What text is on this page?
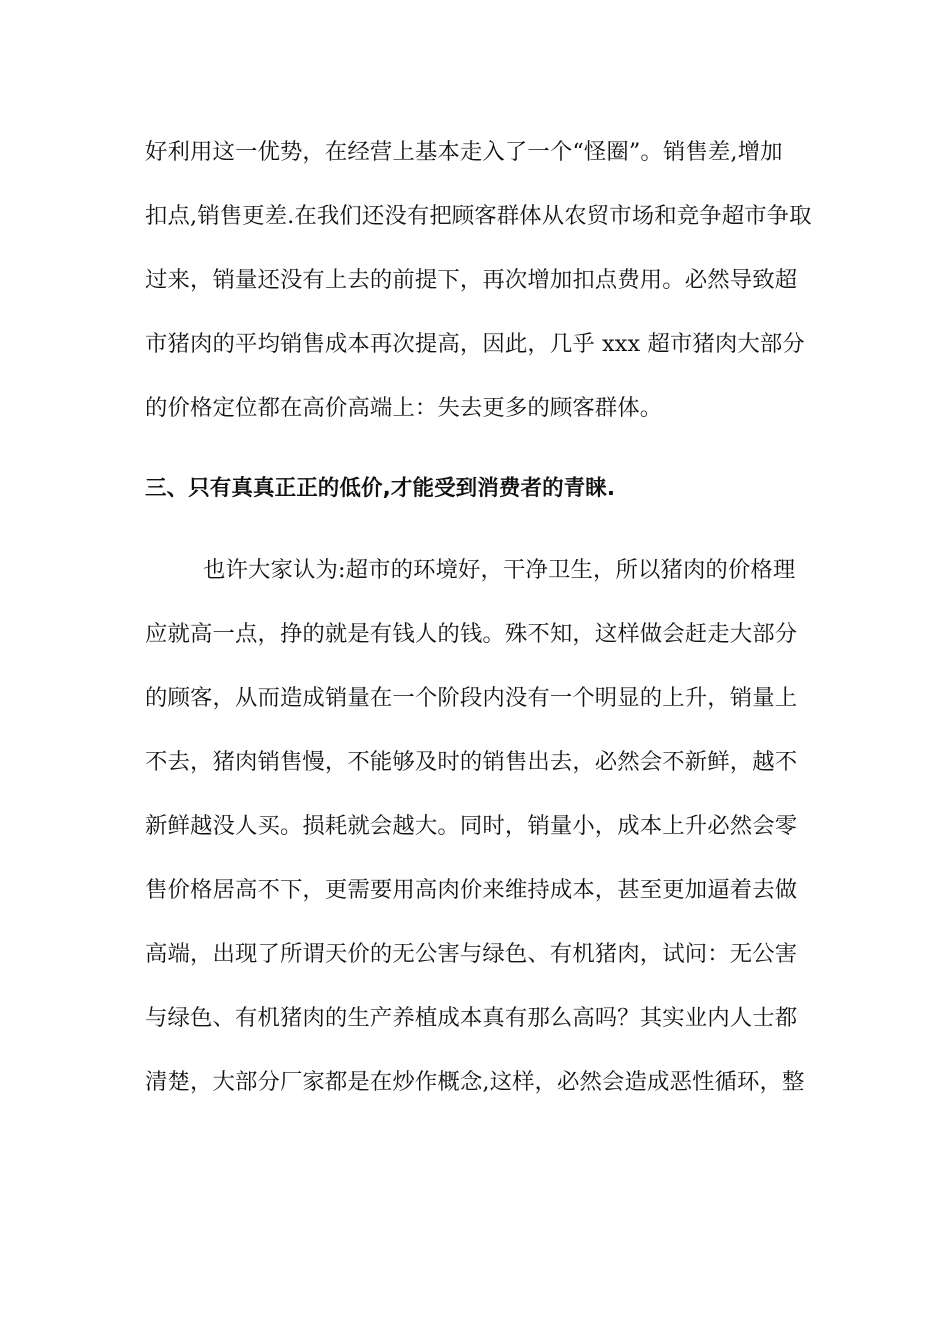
好利用这一优势，在经营上基本走入了一个“怪圈”。销售差,增加
扣点,销售更差.在我们还没有把顾客群体从农贸市场和竞争超市争取
过来，销量还没有上去的前提下，再次增加扣点费用。必然导致超
市猪肉的平均销售成本再次提高，因此，几乎 xxx 超市猪肉大部分
的价格定位都在高价高端上：失去更多的顾客群体。
三、只有真真正正的低价,才能受到消费者的青睐.
也许大家认为:超市的环境好，干净卫生，所以猪肉的价格理
应就高一点，挣的就是有钱人的钱。殊不知，这样做会赶走大部分
的顾客，从而造成销量在一个阶段内没有一个明显的上升，销量上
不去，猪肉销售慢，不能够及时的销售出去，必然会不新鲜，越不
新鲜越没人买。损耗就会越大。同时，销量小，成本上升必然会零
售价格居高不下，更需要用高肉价来维持成本，甚至更加逼着去做
高端，出现了所谓天价的无公害与绿色、有机猪肉，试问：无公害
与绿色、有机猪肉的生产养植成本真有那么高吗？其实业内人士都
清楚，大部分厂家都是在炒作概念,这样，必然会造成恶性循环，整
